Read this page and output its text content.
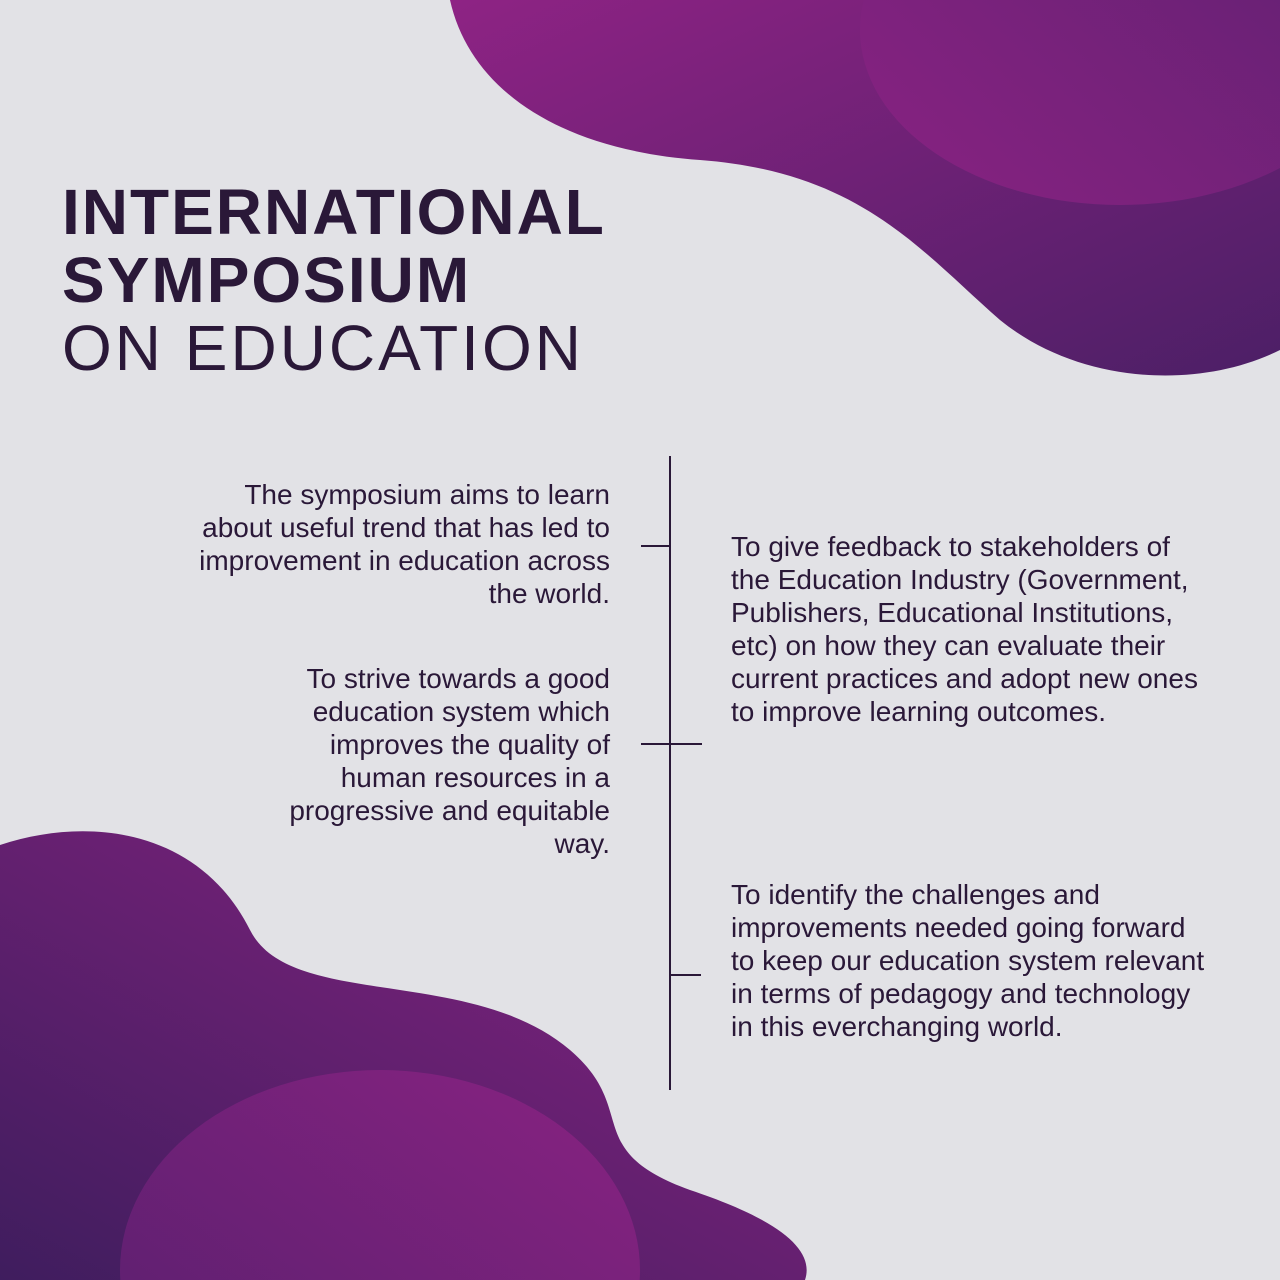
INTERNATIONAL
SYMPOSIUM
ON EDUCATION

The symposium aims to learn about useful trend that has led to improvement in education across the world.

To strive towards a good education system which improves the quality of human resources in a progressive and equitable way.

To give feedback to stakeholders of the Education Industry (Government, Publishers, Educational Institutions, etc) on how they can evaluate their current practices and adopt new ones to improve learning outcomes.

To identify the challenges and improvements needed going forward to keep our education system relevant in terms of pedagogy and technology in this everchanging world.
